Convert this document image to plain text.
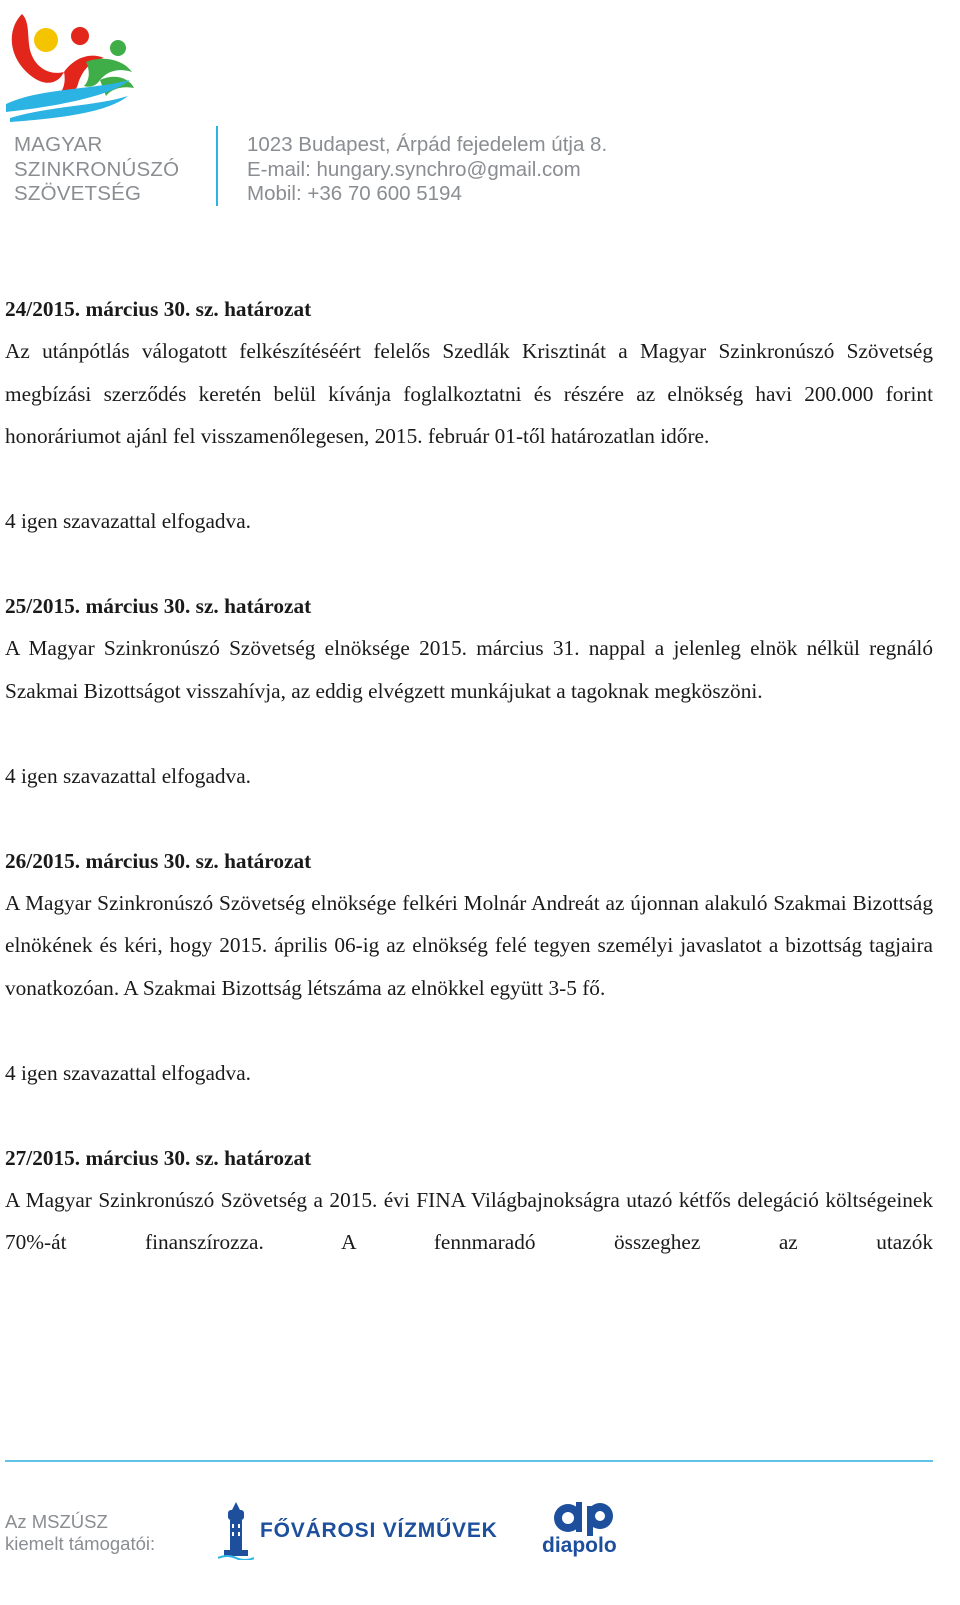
MAGYAR
SZINKRONÚSZÓ
SZÖVETSÉG
1023 Budapest, Árpád fejedelem útja 8.
E-mail: hungary.synchro@gmail.com
Mobil: +36 70 600 5194

24/2015. március 30. sz. határozat

Az utánpótlás válogatott felkészítéséért felelős Szedlák Krisztinát a Magyar Szinkronúszó Szövetség megbízási szerződés keretén belül kívánja foglalkoztatni és részére az elnökség havi 200.000 forint honoráriumot ajánl fel visszamenőlegesen, 2015. február 01-től határozatlan időre.

4 igen szavazattal elfogadva.

25/2015. március 30. sz. határozat

A Magyar Szinkronúszó Szövetség elnöksége 2015. március 31. nappal a jelenleg elnök nélkül regnáló Szakmai Bizottságot visszahívja, az eddig elvégzett munkájukat a tagoknak megköszöni.

4 igen szavazattal elfogadva.

26/2015. március 30. sz. határozat

A Magyar Szinkronúszó Szövetség elnöksége felkéri Molnár Andreát az újonnan alakuló Szakmai Bizottság elnökének és kéri, hogy 2015. április 06-ig az elnökség felé tegyen személyi javaslatot a bizottság tagjaira vonatkozóan. A Szakmai Bizottság létszáma az elnökkel együtt 3-5 fő.

4 igen szavazattal elfogadva.

27/2015. március 30. sz. határozat

A Magyar Szinkronúszó Szövetség a 2015. évi FINA Világbajnokságra utazó kétfős delegáció költségeinek 70%-át finanszírozza. A fennmaradó összeghez az utazók

Az MSZÚSZ
kiemelt támogatói:
FŐVÁROSI VÍZMŰVEK
diapolo
